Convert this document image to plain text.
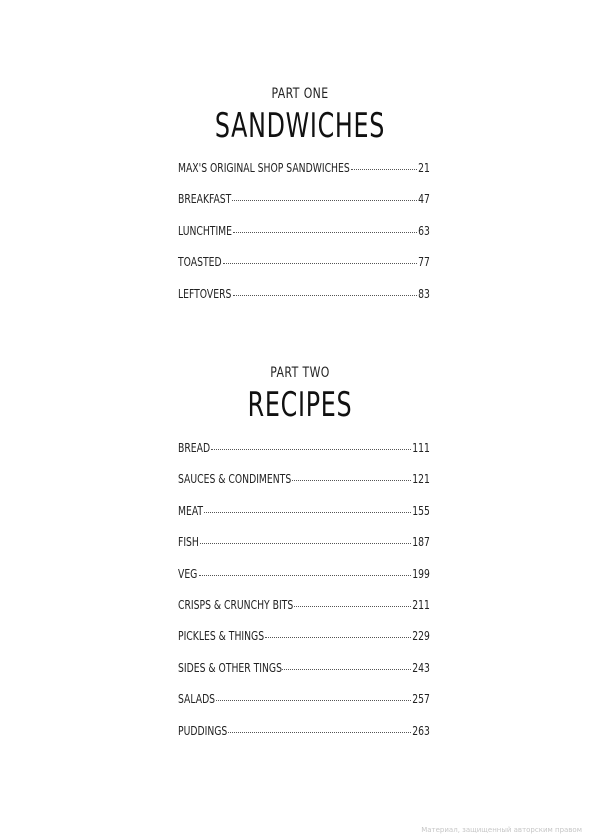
PART ONE
SANDWICHES
MAX'S ORIGINAL SHOP SANDWICHES	21
BREAKFAST	47
LUNCHTIME	63
TOASTED	77
LEFTOVERS	83
PART TWO
RECIPES
BREAD	111
SAUCES & CONDIMENTS	121
MEAT	155
FISH	187
VEG	199
CRISPS & CRUNCHY BITS	211
PICKLES & THINGS	229
SIDES & OTHER TINGS	243
SALADS	257
PUDDINGS	263
Материал, защищенный авторским правом
